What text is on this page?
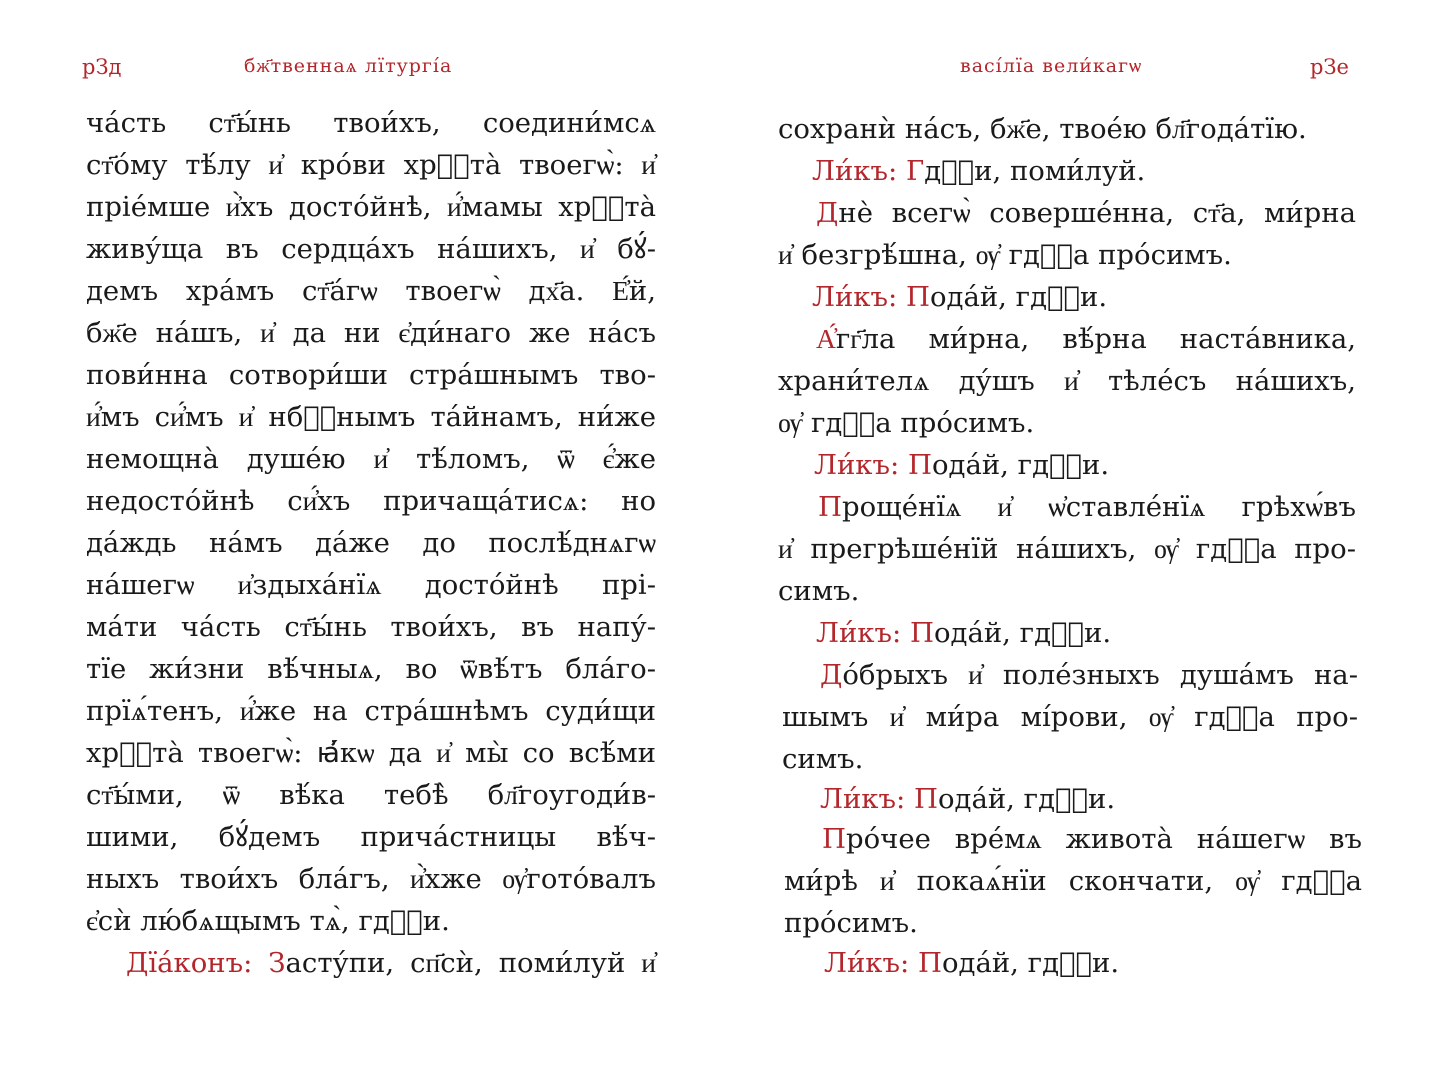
рЗд	бж҃твеннаѧ лїтургі́а
ча́сть ст҃ы́нь твои́хъ, соедини́мсѧ
ст҃о́му тѣ́лу и҆ кро́ви хрⷭ҇та̀ твоегѡ̀: и҆
пріе́мше и҆̀хъ досто́йнѣ, и҆́мамы хрⷭ҇та̀
живу́ща въ сердца́хъ на́шихъ, и҆ бꙋ́-
демъ хра́мъ ст҃а́гѡ твоегѡ̀ дх҃а. Е҆́й,
бж҃е на́шъ, и҆ да ни є҆ди́наго же на́съ
пови́нна сотвори́ши стра́шнымъ тво-
и҆́мъ си҆́мъ и҆ нбⷭ҇нымъ та́йнамъ, ни́же
немощна̀ душе́ю и҆ тѣ́ломъ, ѿ є҆́же
недосто́йнѣ си҆́хъ причаща́тисѧ: но
да́ждь на́мъ да́же до послѣ́днѧгѡ
на́шегѡ и҆здыха́нїѧ досто́йнѣ прі-
ма́ти ча́сть ст҃ы́нь твои́хъ, въ напу́-
тїе жи́зни вѣ́чныѧ, во ѿвѣ́тъ бла́го-
прїѧ́тенъ, и҆́же на стра́шнѣмъ суди́щи
хрⷭ҇та̀ твоегѡ̀: ꙗ҆́кѡ да и҆ мы̀ со всѣ́ми
ст҃ы́ми, ѿ вѣ́ка тебѣ̀ бл҃гоугоди́в-
шими, бꙋ́демъ прича́стницы вѣ́ч-
ныхъ твои́хъ бла́гъ, и҆̀хже ѹ҆гото́валъ
є҆сѝ лю́бѧщымъ тѧ̀, гдⷭ҇и.
Дїа́конъ: Засту́пи, сп҃сѝ, поми́луй и҆
васі́лїа вели́кагѡ	рЗе
сохранѝ на́съ, бж҃е, твое́ю бл҃года́тїю.
Ли́къ: Гдⷭ҇и, поми́луй.
Днѐ всегѡ̀ соверше́нна, ст҃а, ми́рна
и҆ безгрѣ́шна, ѹ҆ гдⷭ҇а про́симъ.
Ли́къ: Пода́й, гдⷭ҇и.
А҆́гг҃ла ми́рна, вѣ́рна наста́вника,
храни́телѧ ду́шъ и҆ тѣле́съ на́шихъ,
ѹ҆ гдⷭ҇а про́симъ.
Ли́къ: Пода́й, гдⷭ҇и.
Проще́нїѧ и҆ ѡ҆ставле́нїѧ грѣхѡ́въ
и҆ прегрѣше́нїй на́шихъ, ѹ҆ гдⷭ҇а про-
симъ.
Ли́къ: Пода́й, гдⷭ҇и.
До́брыхъ и҆ поле́зныхъ душа́мъ на-
шымъ и҆ ми́ра мі́рови, ѹ҆ гдⷭ҇а про-
симъ.
Ли́къ: Пода́й, гдⷭ҇и.
Про́чее вре́мѧ живота̀ на́шегѡ въ
ми́рѣ и҆ покаѧ́нїи скончати, ѹ҆ гдⷭ҇а
про́симъ.
Ли́къ: Пода́й, гдⷭ҇и.
